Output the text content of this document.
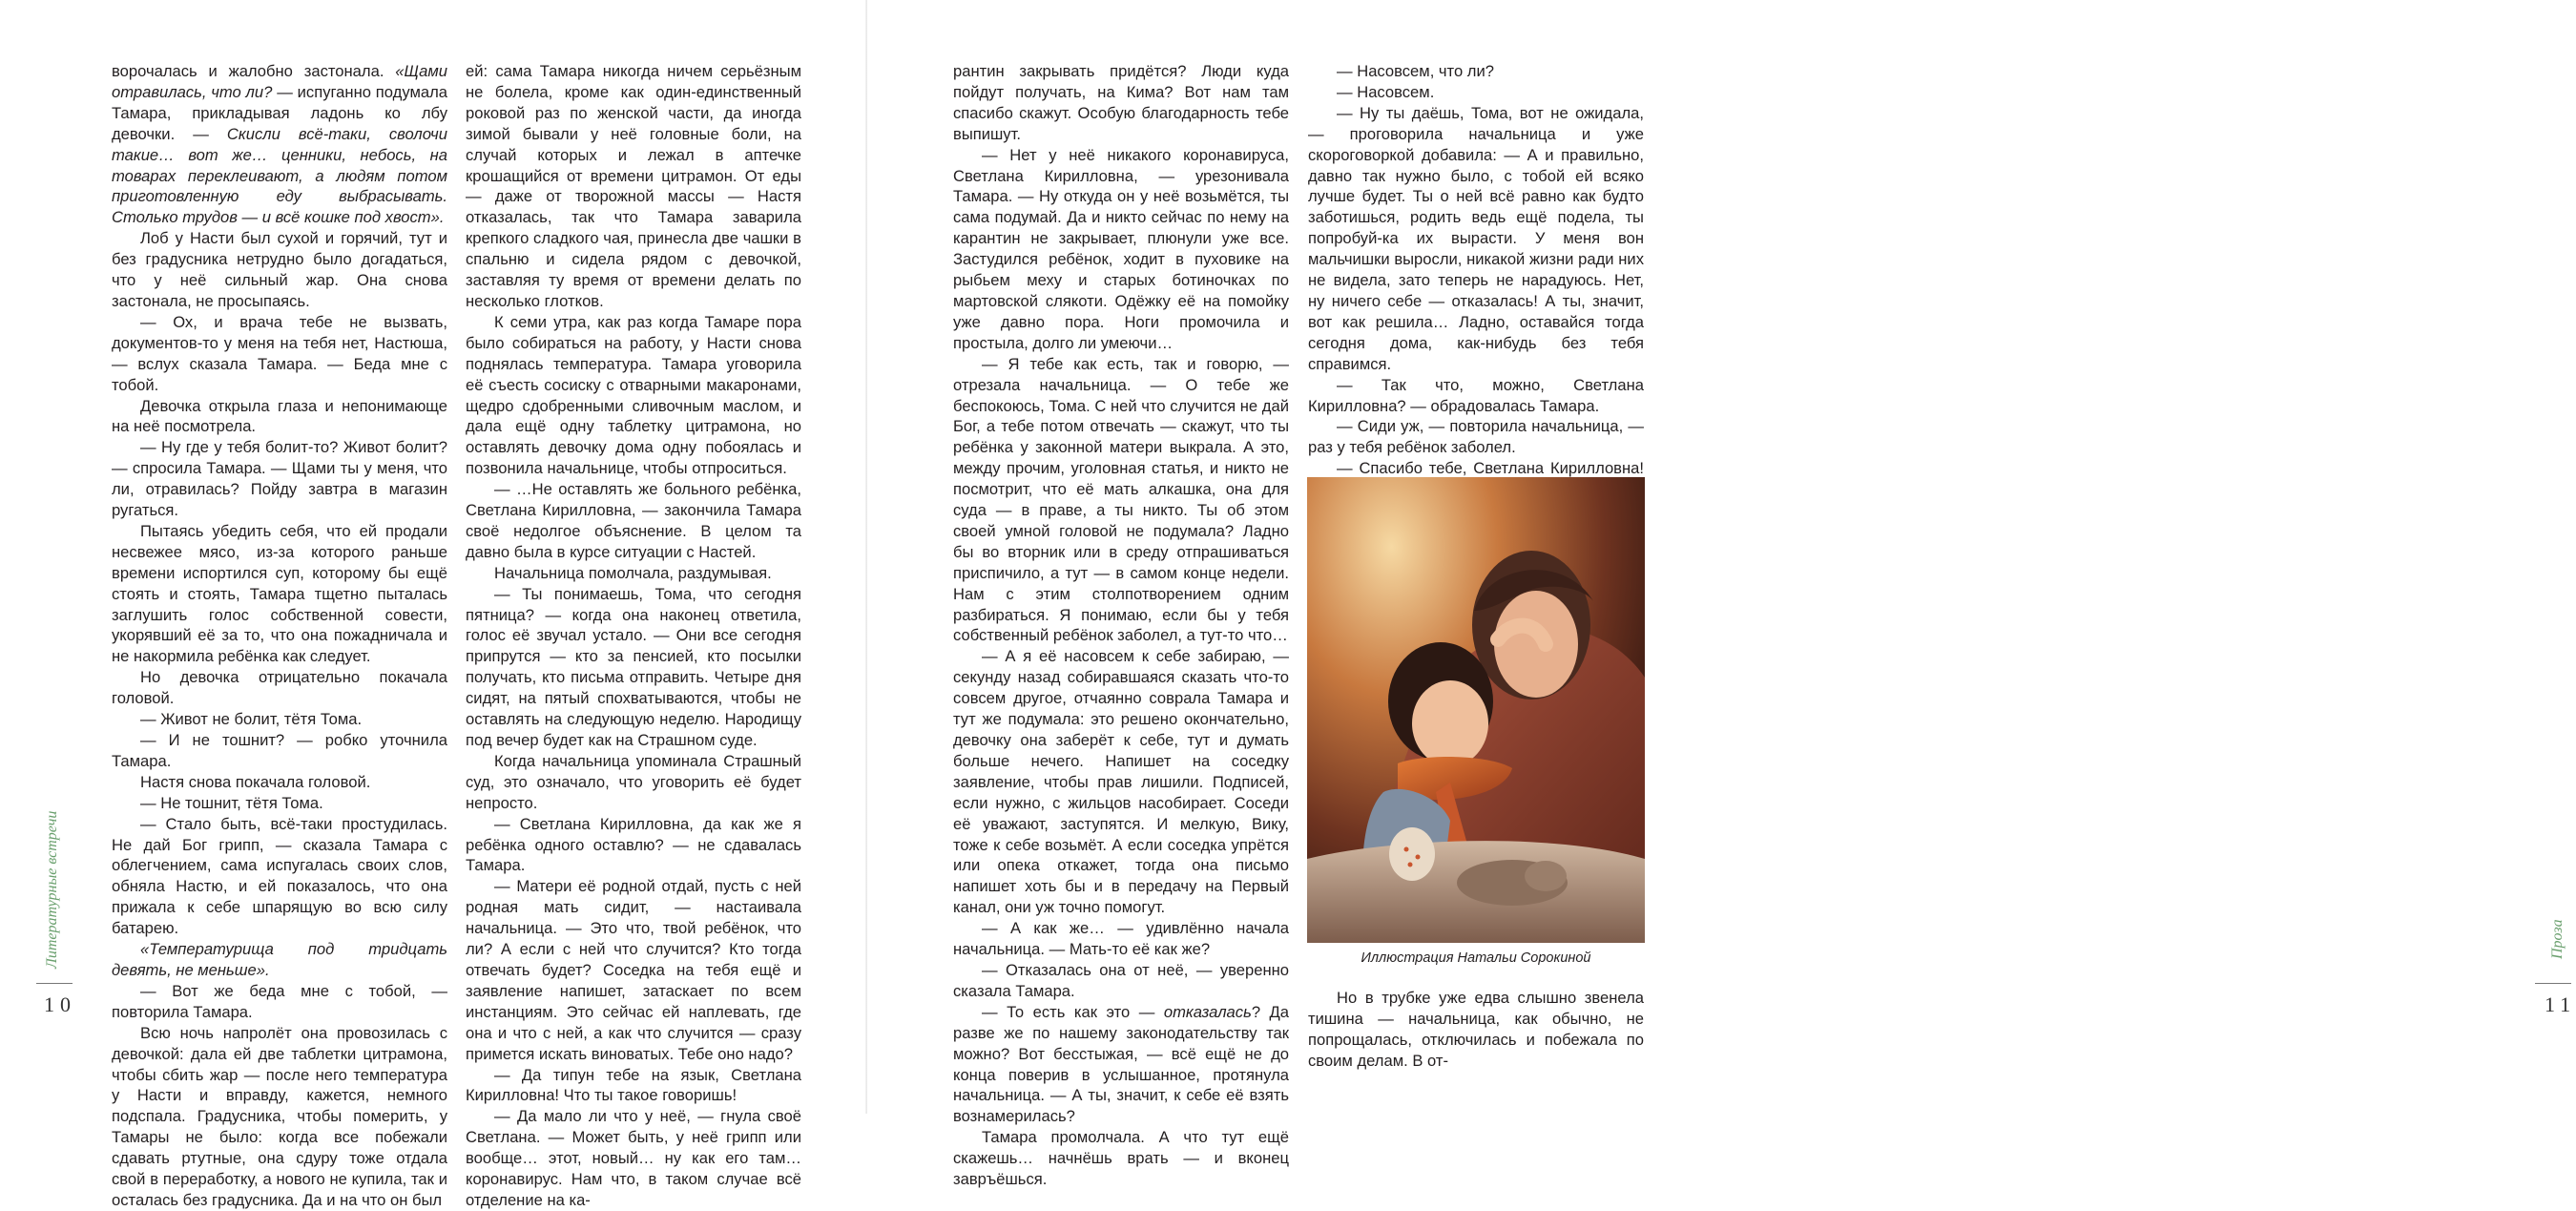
Литературные встречи
10
Проза
11

ворочалась и жалобно застонала. «Щами отравилась, что ли? — испуганно подумала Тамара, прикладывая ладонь ко лбу девочки. — Скисли всё-таки, сволочи такие… вот же… ценники, небось, на товарах переклеивают, а людям потом приготовленную еду выбрасывать. Столько трудов — и всё кошке под хвост».

Лоб у Насти был сухой и горячий, тут и без градусника нетрудно было догадаться, что у неё сильный жар. Она снова застонала, не просыпаясь.

— Ох, и врача тебе не вызвать, документов-то у меня на тебя нет, Настюша, — вслух сказала Тамара. — Беда мне с тобой.

Девочка открыла глаза и непонимающе на неё посмотрела.

— Ну где у тебя болит-то? Живот болит? — спросила Тамара. — Щами ты у меня, что ли, отравилась? Пойду завтра в магазин ругаться.

Пытаясь убедить себя, что ей продали несвежее мясо, из-за которого раньше времени испортился суп, которому бы ещё стоять и стоять, Тамара тщетно пыталась заглушить голос собственной совести, укорявший её за то, что она пожадничала и не накормила ребёнка как следует.

Но девочка отрицательно покачала головой.

— Живот не болит, тётя Тома.

— И не тошнит? — робко уточнила Тамара.

Настя снова покачала головой.

— Не тошнит, тётя Тома.

— Стало быть, всё-таки простудилась. Не дай Бог грипп, — сказала Тамара с облегчением, сама испугалась своих слов, обняла Настю, и ей показалось, что она прижала к себе шпарящую во всю силу батарею.

«Температурища под тридцать девять, не меньше».

— Вот же беда мне с тобой, — повторила Тамара.

Всю ночь напролёт она провозилась с девочкой: дала ей две таблетки цитрамона, чтобы сбить жар — после него температура у Насти и вправду, кажется, немного подспала. Градусника, чтобы померить, у Тамары не было: когда все побежали сдавать ртутные, она сдуру тоже отдала свой в переработку, а нового не купила, так и осталась без градусника. Да и на что он был

ей: сама Тамара никогда ничем серьёзным не болела, кроме как один-единственный роковой раз по женской части, да иногда зимой бывали у неё головные боли, на случай которых и лежал в аптечке крошащийся от времени цитрамон. От еды — даже от творожной массы — Настя отказалась, так что Тамара заварила крепкого сладкого чая, принесла две чашки в спальню и сидела рядом с девочкой, заставляя ту время от времени делать по несколько глотков.

К семи утра, как раз когда Тамаре пора было собираться на работу, у Насти снова поднялась температура. Тамара уговорила её съесть сосиску с отварными макаронами, щедро сдобренными сливочным маслом, и дала ещё одну таблетку цитрамона, но оставлять девочку дома одну побоялась и позвонила начальнице, чтобы отпроситься.

— …Не оставлять же больного ребёнка, Светлана Кирилловна, — закончила Тамара своё недолгое объяснение. В целом та давно была в курсе ситуации с Настей.

Начальница помолчала, раздумывая.

— Ты понимаешь, Тома, что сегодня пятница? — когда она наконец ответила, голос её звучал устало. — Они все сегодня припрутся — кто за пенсией, кто посылки получать, кто письма отправить. Четыре дня сидят, на пятый спохватываются, чтобы не оставлять на следующую неделю. Народищу под вечер будет как на Страшном суде.

Когда начальница упоминала Страшный суд, это означало, что уговорить её будет непросто.

— Светлана Кирилловна, да как же я ребёнка одного оставлю? — не сдавалась Тамара.

— Матери её родной отдай, пусть с ней родная мать сидит, — настаивала начальница. — Это что, твой ребёнок, что ли? А если с ней что случится? Кто тогда отвечать будет? Соседка на тебя ещё и заявление напишет, затаскает по всем инстанциям. Это сейчас ей наплевать, где она и что с ней, а как что случится — сразу примется искать виноватых. Тебе оно надо?

— Да типун тебе на язык, Светлана Кирилловна! Что ты такое говоришь!

— Да мало ли что у неё, — гнула своё Светлана. — Может быть, у неё грипп или вообще… этот, новый… ну как его там… коронавирус. Нам что, в таком случае всё отделение на ка-

рантин закрывать придётся? Люди куда пойдут получать, на Кима? Вот нам там спасибо скажут. Особую благодарность тебе выпишут.

— Нет у неё никакого коронавируса, Светлана Кирилловна, — урезонивала Тамара. — Ну откуда он у неё возьмётся, ты сама подумай. Да и никто сейчас по нему на карантин не закрывает, плюнули уже все. Застудился ребёнок, ходит в пуховике на рыбьем меху и старых ботиночках по мартовской слякоти. Одёжку её на помойку уже давно пора. Ноги промочила и простыла, долго ли умеючи…

— Я тебе как есть, так и говорю, — отрезала начальница. — О тебе же беспокоюсь, Тома. С ней что случится не дай Бог, а тебе потом отвечать — скажут, что ты ребёнка у законной матери выкрала. А это, между прочим, уголовная статья, и никто не посмотрит, что её мать алкашка, она для суда — в праве, а ты никто. Ты об этом своей умной головой не подумала? Ладно бы во вторник или в среду отпрашиваться приспичило, а тут — в самом конце недели. Нам с этим столпотворением одним разбираться. Я понимаю, если бы у тебя собственный ребёнок заболел, а тут-то что…

— А я её насовсем к себе забираю, — секунду назад собиравшаяся сказать что-то совсем другое, отчаянно соврала Тамара и тут же подумала: это решено окончательно, девочку она заберёт к себе, тут и думать больше нечего. Напишет на соседку заявление, чтобы прав лишили. Подписей, если нужно, с жильцов насобирает. Соседи её уважают, заступятся. И мелкую, Вику, тоже к себе возьмёт. А если соседка упрётся или опека откажет, тогда она письмо напишет хоть бы и в передачу на Первый канал, они уж точно помогут.

— А как же… — удивлённо начала начальница. — Мать-то её как же?

— Отказалась она от неё, — уверенно сказала Тамара.

— То есть как это — отказалась? Да разве же по нашему законодательству так можно? Вот бесстыжая, — всё ещё не до конца поверив в услышанное, протянула начальница. — А ты, значит, к себе её взять вознамерилась?

Тамара промолчала. А что тут ещё скажешь… начнёшь врать — и вконец завръёшься.

— Насовсем, что ли?

— Насовсем.

— Ну ты даёшь, Тома, вот не ожидала, — проговорила начальница и уже скороговоркой добавила: — А и правильно, давно так нужно было, с тобой ей всяко лучше будет. Ты о ней всё равно как будто заботишься, родить ведь ещё подела, ты попробуй-ка их вырасти. У меня вон мальчишки выросли, никакой жизни ради них не видела, зато теперь не нарадуюсь. Нет, ну ничего себе — отказалась! А ты, значит, вот как решила… Ладно, оставайся тогда сегодня дома, как-нибудь без тебя справимся.

— Так что, можно, Светлана Кирилловна? — обрадовалась Тамара.

— Сиди уж, — повторила начальница, — раз у тебя ребёнок заболел.

— Спасибо тебе, Светлана Кирилловна!

Но в трубке уже едва слышно звенела тишина — начальница, как обычно, не попрощалась, отключилась и побежала по своим делам. В от-

Иллюстрация Натальи Сорокиной
